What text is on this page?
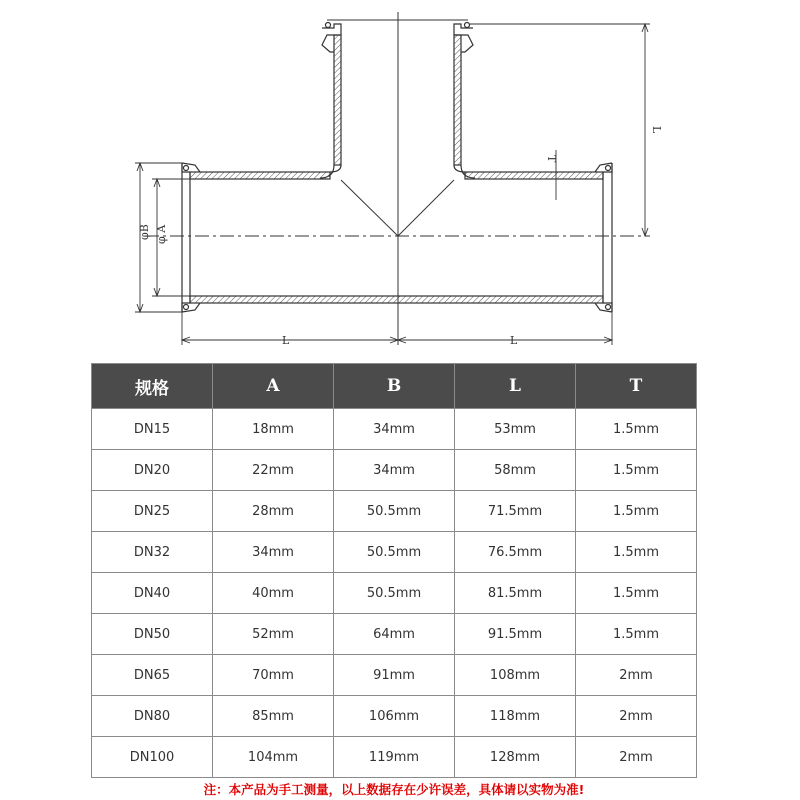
φB φ A
T
L
L	L
规格	A	B	L	T
DN15	18mm	34mm	53mm	1.5mm
DN20	22mm	34mm	58mm	1.5mm
DN25	28mm	50.5mm	71.5mm	1.5mm
DN32	34mm	50.5mm	76.5mm	1.5mm
DN40	40mm	50.5mm	81.5mm	1.5mm
DN50	52mm	64mm	91.5mm	1.5mm
DN65	70mm	91mm	108mm	2mm
DN80	85mm	106mm	118mm	2mm
DN100	104mm	119mm	128mm	2mm
注：本产品为手工测量，以上数据存在少许误差，具体请以实物为准!
